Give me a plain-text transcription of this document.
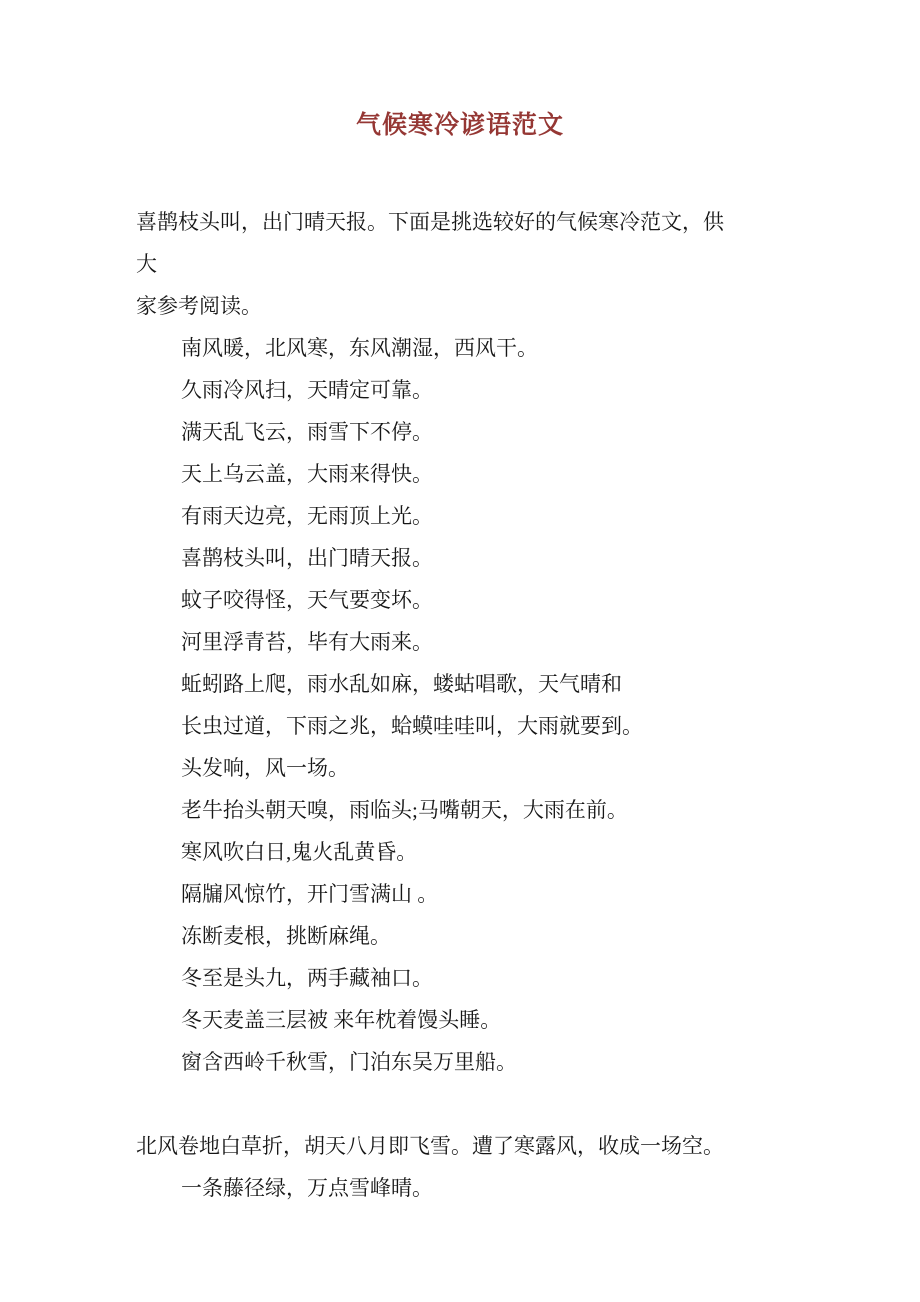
气候寒冷谚语范文

喜鹊枝头叫，出门晴天报。下面是挑选较好的气候寒冷范文，供大

家参考阅读。

南风暖，北风寒，东风潮湿，西风干。

久雨冷风扫，天晴定可靠。

满天乱飞云，雨雪下不停。

天上乌云盖，大雨来得快。

有雨天边亮，无雨顶上光。

喜鹊枝头叫，出门晴天报。

蚊子咬得怪，天气要变坏。

河里浮青苔，毕有大雨来。

蚯蚓路上爬，雨水乱如麻，蝼蛄唱歌，天气晴和

长虫过道，下雨之兆，蛤蟆哇哇叫，大雨就要到。

头发响，风一场。

老牛抬头朝天嗅，雨临头;马嘴朝天，大雨在前。

寒风吹白日,鬼火乱黄昏。

隔牖风惊竹，开门雪满山 。

冻断麦根，挑断麻绳。

冬至是头九，两手藏袖口。

冬天麦盖三层被 来年枕着馒头睡。

窗含西岭千秋雪，门泊东吴万里船。

北风卷地白草折，胡天八月即飞雪。遭了寒露风，收成一场空。

一条藤径绿，万点雪峰晴。
